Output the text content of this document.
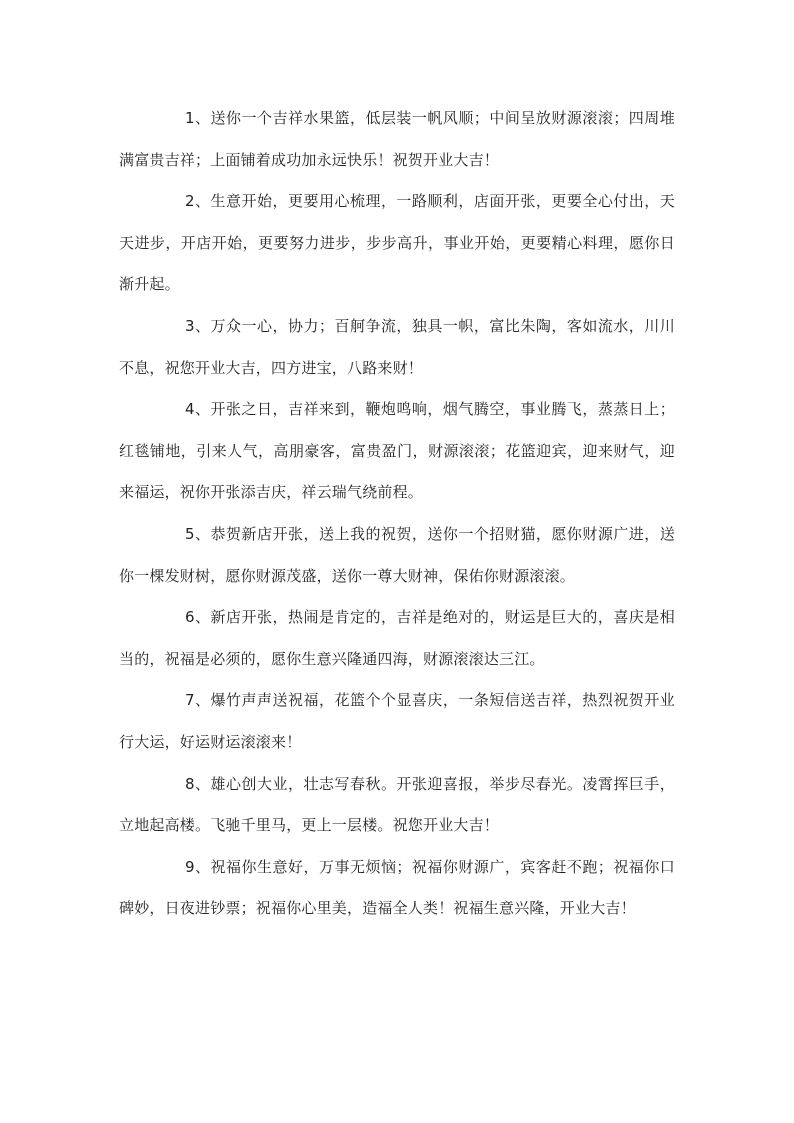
1、送你一个吉祥水果篮，低层装一帆风顺；中间呈放财源滚滚；四周堆满富贵吉祥；上面铺着成功加永远快乐！祝贺开业大吉！

2、生意开始，更要用心梳理，一路顺利，店面开张，更要全心付出，天天进步，开店开始，更要努力进步，步步高升，事业开始，更要精心料理，愿你日渐升起。

3、万众一心，协力；百舸争流，独具一帜，富比朱陶，客如流水，川川不息，祝您开业大吉，四方进宝，八路来财！

4、开张之日，吉祥来到，鞭炮鸣响，烟气腾空，事业腾飞，蒸蒸日上；红毯铺地，引来人气，高朋豪客，富贵盈门，财源滚滚；花篮迎宾，迎来财气，迎来福运，祝你开张添吉庆，祥云瑞气绕前程。

5、恭贺新店开张，送上我的祝贺，送你一个招财猫，愿你财源广进，送你一棵发财树，愿你财源茂盛，送你一尊大财神，保佑你财源滚滚。

6、新店开张，热闹是肯定的，吉祥是绝对的，财运是巨大的，喜庆是相当的，祝福是必须的，愿你生意兴隆通四海，财源滚滚达三江。

7、爆竹声声送祝福，花篮个个显喜庆，一条短信送吉祥，热烈祝贺开业行大运，好运财运滚滚来！

8、雄心创大业，壮志写春秋。开张迎喜报，举步尽春光。凌霄挥巨手，立地起高楼。飞驰千里马，更上一层楼。祝您开业大吉！

9、祝福你生意好，万事无烦恼；祝福你财源广，宾客赶不跑；祝福你口碑妙，日夜进钞票；祝福你心里美，造福全人类！祝福生意兴隆，开业大吉！
